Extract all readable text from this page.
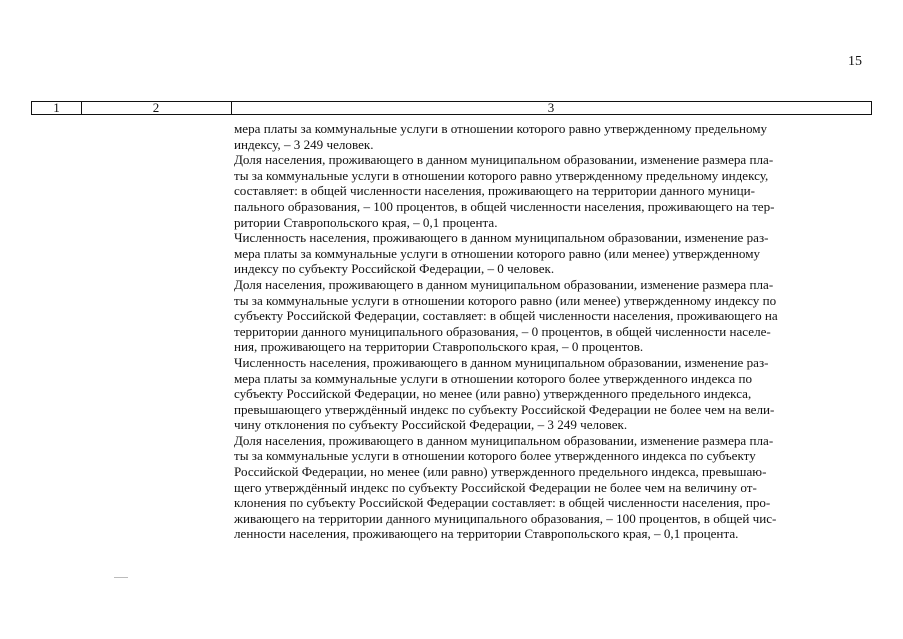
15
1	2	3
мера платы за коммунальные услуги в отношении которого равно утвержденному предельному
индексу, – 3 249 человек.
Доля населения, проживающего в данном муниципальном образовании, изменение размера пла-
ты за коммунальные услуги в отношении которого равно утвержденному предельному индексу,
составляет: в общей численности населения, проживающего на территории данного муници-
пального образования, – 100 процентов, в общей численности населения, проживающего на тер-
ритории Ставропольского края, – 0,1 процента.
Численность населения, проживающего в данном муниципальном образовании, изменение раз-
мера платы за коммунальные услуги в отношении которого равно (или менее) утвержденному
индексу по субъекту Российской Федерации, – 0 человек.
Доля населения, проживающего в данном муниципальном образовании, изменение размера пла-
ты за коммунальные услуги в отношении которого равно (или менее) утвержденному индексу по
субъекту Российской Федерации, составляет: в общей численности населения, проживающего на
территории данного муниципального образования, – 0 процентов, в общей численности населе-
ния, проживающего на территории Ставропольского края, – 0 процентов.
Численность населения, проживающего в данном муниципальном образовании, изменение раз-
мера платы за коммунальные услуги в отношении которого более утвержденного индекса по
субъекту Российской Федерации, но менее (или равно) утвержденного предельного индекса,
превышающего утверждённый индекс по субъекту Российской Федерации не более чем на вели-
чину отклонения по субъекту Российской Федерации, – 3 249 человек.
Доля населения, проживающего в данном муниципальном образовании, изменение размера пла-
ты за коммунальные услуги в отношении которого более утвержденного индекса по субъекту
Российской Федерации, но менее (или равно) утвержденного предельного индекса, превышаю-
щего утверждённый индекс по субъекту Российской Федерации не более чем на величину от-
клонения по субъекту Российской Федерации составляет: в общей численности населения, про-
живающего на территории данного муниципального образования, – 100 процентов, в общей чис-
ленности населения, проживающего на территории Ставропольского края, – 0,1 процента.
